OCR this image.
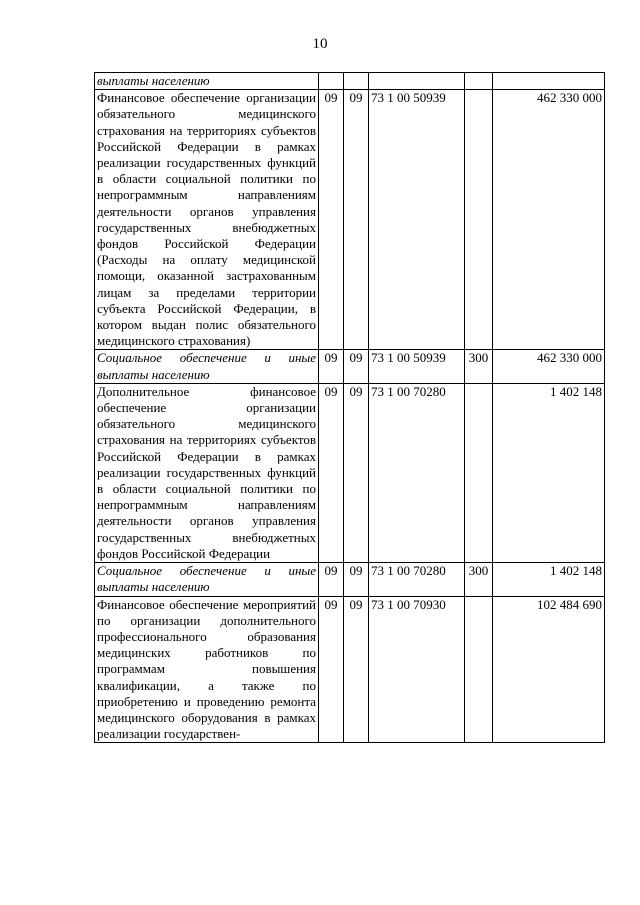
10
выплаты населению					
Финансовое обеспечение организации обязательного медицинского страхования на территориях субъектов Российской Федерации в рамках реализации государственных функций в области социальной политики по непрограммным направлениям деятельности органов управления государственных внебюджетных фондов Российской Федерации (Расходы на оплату медицинской помощи, оказанной застрахованным лицам за пределами территории субъекта Российской Федерации, в котором выдан полис обязательного медицинского страхования)	09	09	73 1 00 50939		462 330 000
Социальное обеспечение и иные выплаты населению	09	09	73 1 00 50939	300	462 330 000
Дополнительное финансовое обеспечение организации обязательного медицинского страхования на территориях субъектов Российской Федерации в рамках реализации государственных функций в области социальной политики по непрограммным направлениям деятельности органов управления государственных внебюджетных фондов Российской Федерации	09	09	73 1 00 70280		1 402 148
Социальное обеспечение и иные выплаты населению	09	09	73 1 00 70280	300	1 402 148
Финансовое обеспечение мероприятий по организации дополнительного профессионального образования медицинских работников по программам повышения квалификации, а также по приобретению и проведению ремонта медицинского оборудования в рамках реализации государствен-	09	09	73 1 00 70930		102 484 690
